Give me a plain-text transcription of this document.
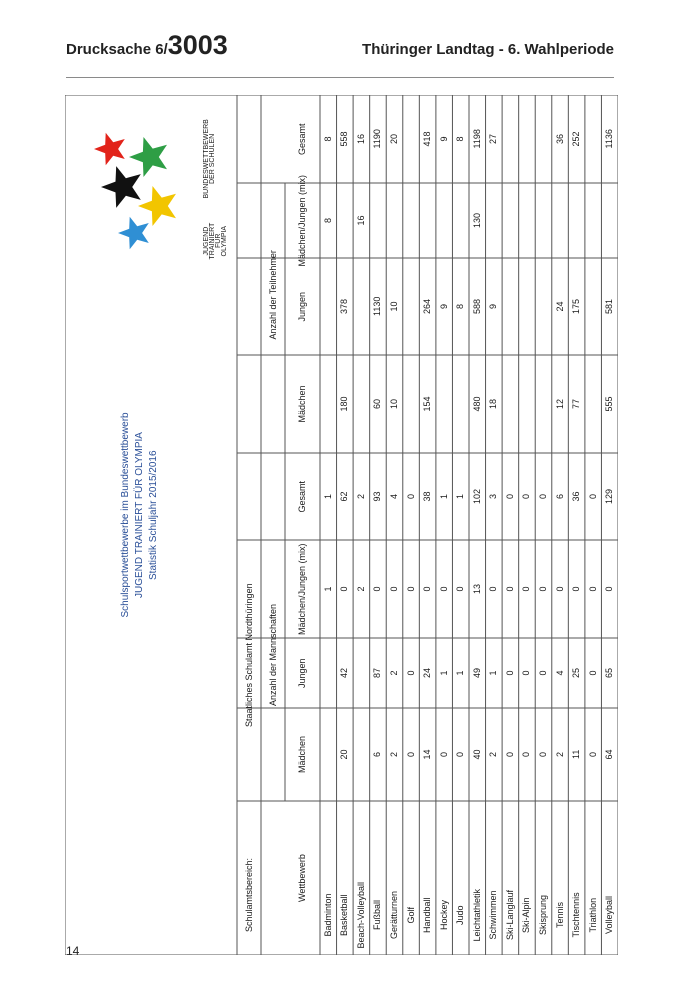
Drucksache 6/3003	Thüringer Landtag - 6. Wahlperiode
Schulsportwettbewerbe im Bundeswettbewerb JUGEND TRAINIERT FÜR OLYMPIA Statistik Schuljahr 2015/2016
Schulamtsbereich:
Staatliches Schulamt Nordthüringen Anzahl der Mannschaften
Anzahl der Teilnehmer
Gesamt
Mädchen/Jungen (mix)
Jungen
Mädchen
Gesamt
Mädchen/Jungen (mix)
Jungen
Mädchen
Wettbewerb
Badminton
8
8
1
1
Basketball
558
378
180
62
0
42
20
Beach-Volleyball
16
16
2
2
Fußball
1190
1130
60
93
0
87
6
Gerätturnen
20
10
10
4
0
2
2
Golf
0
0
0
0
Handball
418
264
154
38
0
24
14
Hockey
9
9
1
0
1
0
Judo
8
8
1
0
1
0
Leichtathletik
1198
130
588
480
102
13
49
40
Schwimmen
27
9
18
3
0
1
2
Ski-Langlauf
0
0
0
0
Ski-Alpin
0
0
0
0
Skisprung
0
0
0
0
Tennis
36
24
12
6
0
4
2
Tischtennis
252
175
77
36
0
25
11
Triathlon
0
0
0
0
Volleyball
1136
581
555
129
0
65
64
JUGEND TRAINIERT FÜR OLYMPIA
BUNDESWETTBEWERB DER SCHULEN
14
